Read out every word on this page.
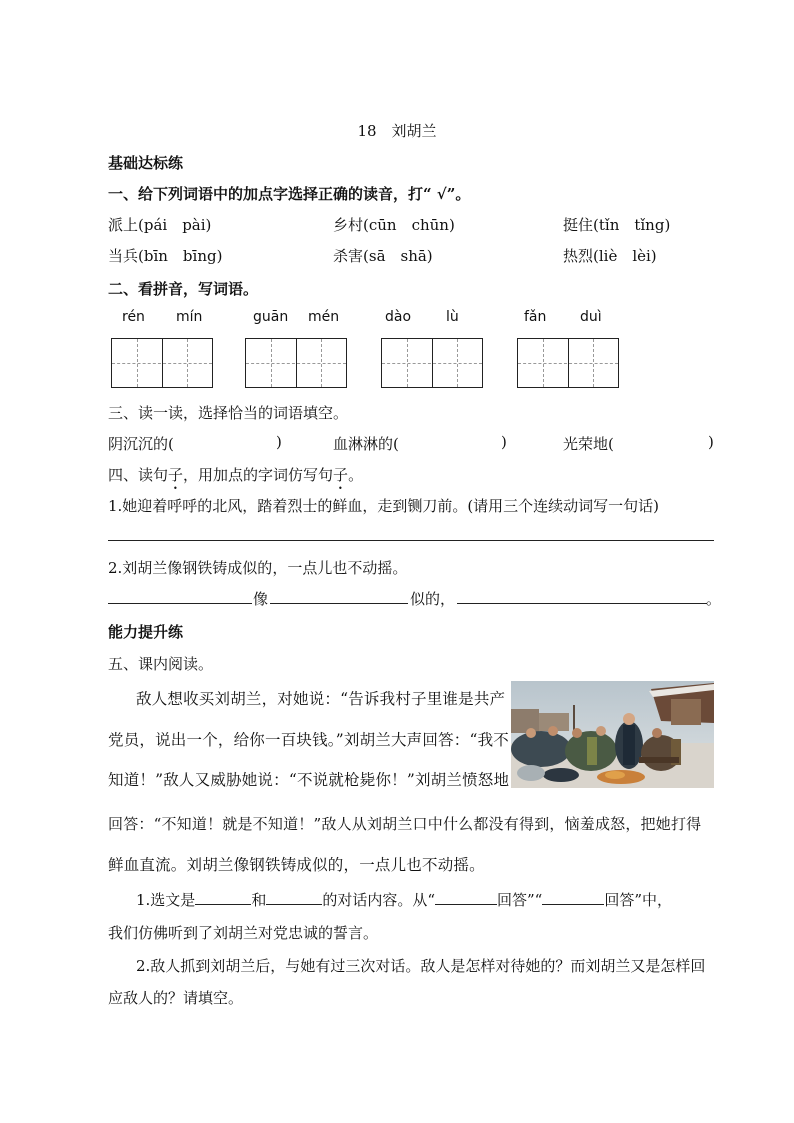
18　刘胡兰
基础达标练
一、给下列词语中的加点字选择正确的读音，打“ √”。
派上(pái　pài)	乡村(cūn　chūn)	挺住(tǐn　tǐng)
当兵(bīn　bīng)	杀害(sā　shā)	热烈(liè　lèi)
二、看拼音，写词语。
rén mín	guān mén	dào lù	fǎn duì
三、读一读，选择恰当的词语填空。
阴沉沉的(	)	血淋淋的(	)	光荣地(	)
四、读句子，用加点的字词仿写句子。
1.她迎着呼呼的北风，踏着烈士的鲜血，走到铡刀前。(请用三个连续动词写一句话)
2.刘胡兰像钢铁铸成似的，一点儿也不动摇。
像	似的，	。
能力提升练
五、课内阅读。
敌人想收买刘胡兰，对她说：“告诉我村子里谁是共产
党员，说出一个，给你一百块钱。”刘胡兰大声回答：“我不
知道！”敌人又威胁她说：“不说就枪毙你！”刘胡兰愤怒地
回答：“不知道！就是不知道！”敌人从刘胡兰口中什么都没有得到，恼羞成怒，把她打得
鲜血直流。刘胡兰像钢铁铸成似的，一点儿也不动摇。
1.选文是	和	的对话内容。从“	回答”“	回答”中，
我们仿佛听到了刘胡兰对党忠诚的誓言。
2.敌人抓到刘胡兰后，与她有过三次对话。敌人是怎样对待她的？而刘胡兰又是怎样回
应敌人的？请填空。
